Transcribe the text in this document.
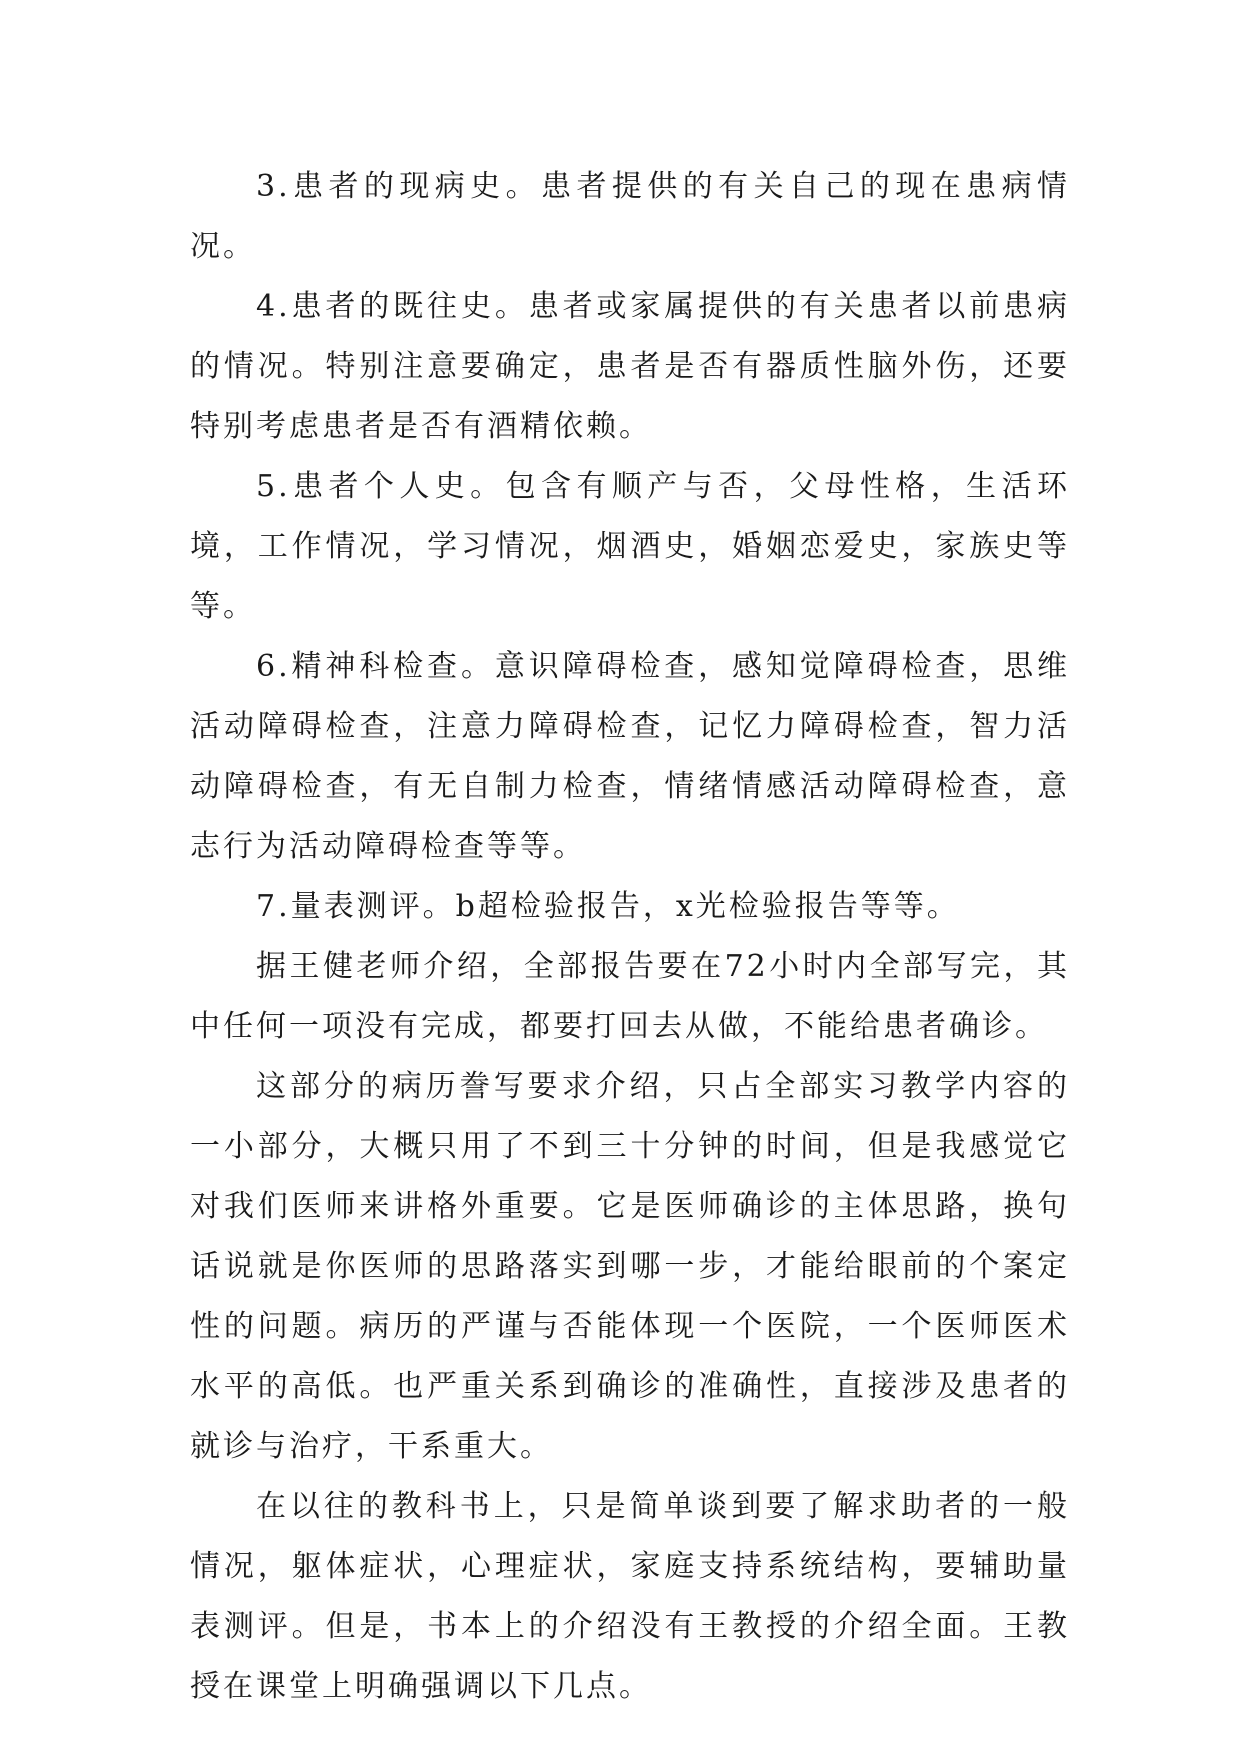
3.患者的现病史。患者提供的有关自己的现在患病情况。

4.患者的既往史。患者或家属提供的有关患者以前患病的情况。特别注意要确定，患者是否有器质性脑外伤，还要特别考虑患者是否有酒精依赖。

5.患者个人史。包含有顺产与否，父母性格，生活环境，工作情况，学习情况，烟酒史，婚姻恋爱史，家族史等等。

6.精神科检查。意识障碍检查，感知觉障碍检查，思维活动障碍检查，注意力障碍检查，记忆力障碍检查，智力活动障碍检查，有无自制力检查，情绪情感活动障碍检查，意志行为活动障碍检查等等。

7.量表测评。b超检验报告，x光检验报告等等。

据王健老师介绍，全部报告要在72小时内全部写完，其中任何一项没有完成，都要打回去从做，不能给患者确诊。

这部分的病历誊写要求介绍，只占全部实习教学内容的一小部分，大概只用了不到三十分钟的时间，但是我感觉它对我们医师来讲格外重要。它是医师确诊的主体思路，换句话说就是你医师的思路落实到哪一步，才能给眼前的个案定性的问题。病历的严谨与否能体现一个医院，一个医师医术水平的高低。也严重关系到确诊的准确性，直接涉及患者的就诊与治疗，干系重大。

在以往的教科书上，只是简单谈到要了解求助者的一般情况，躯体症状，心理症状，家庭支持系统结构，要辅助量表测评。但是，书本上的介绍没有王教授的介绍全面。王教授在课堂上明确强调以下几点。
